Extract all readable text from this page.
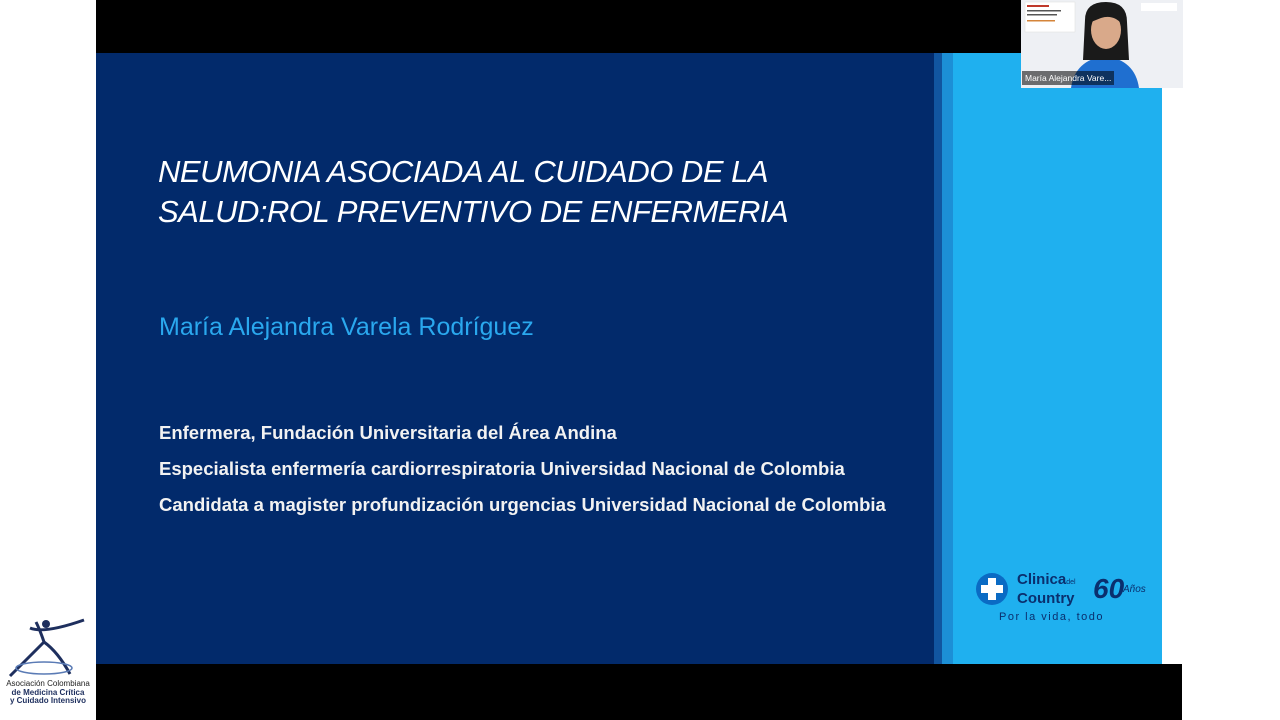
NEUMONIA ASOCIADA AL CUIDADO DE LA
SALUD:ROL PREVENTIVO DE ENFERMERIA

María Alejandra Varela Rodríguez

Enfermera, Fundación Universitaria del Área Andina
Especialista enfermería cardiorrespiratoria Universidad Nacional de Colombia
Candidata a magister profundización urgencias Universidad Nacional de Colombia
Clinicadel
Country 60
Años
Por la vida, todo
María Alejandra Vare...
Asociación Colombiana
de Medicina Crítica
y Cuidado Intensivo
